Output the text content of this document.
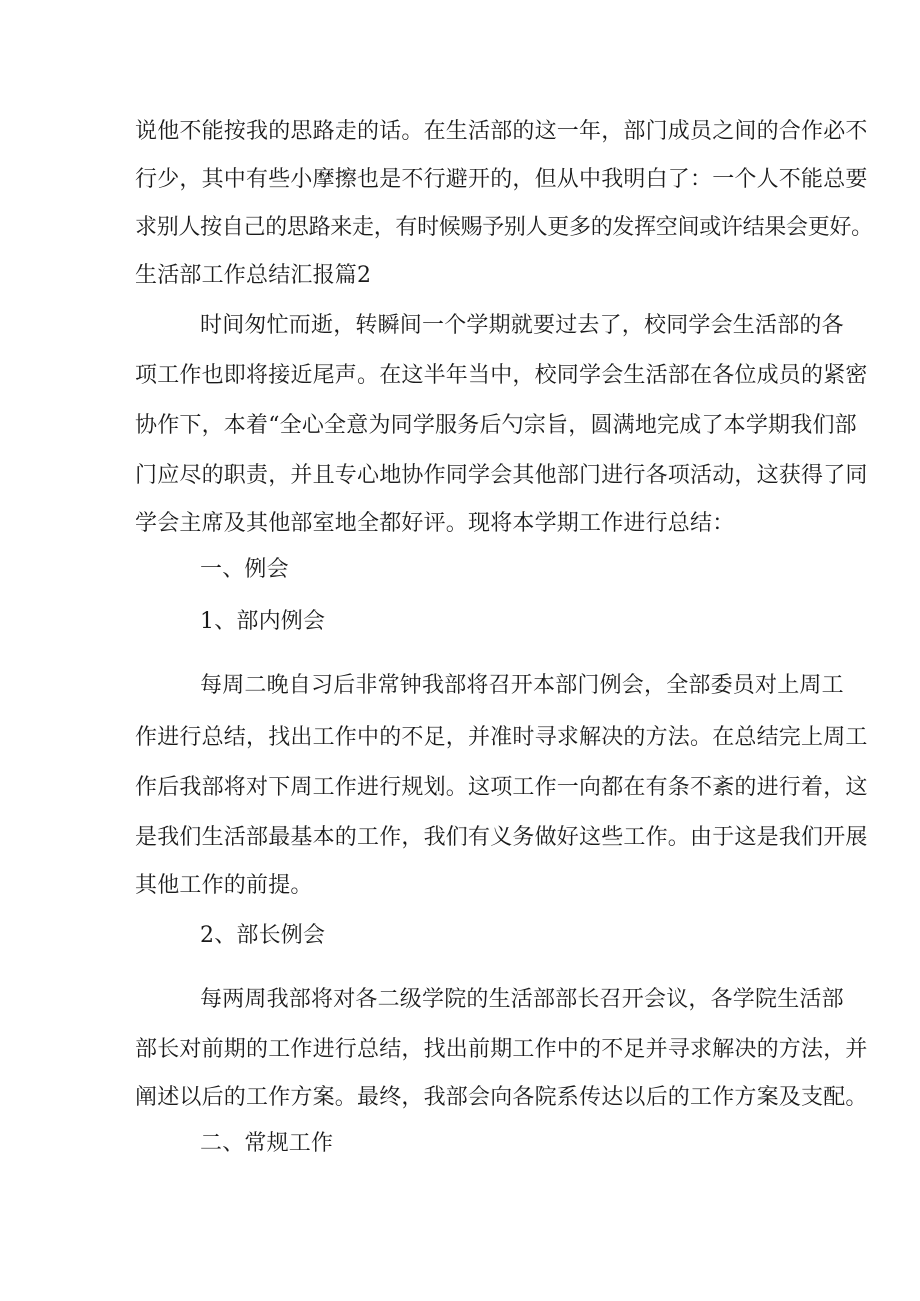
说他不能按我的思路走的话。在生活部的这一年，部门成员之间的合作必不
行少，其中有些小摩擦也是不行避开的，但从中我明白了：一个人不能总要
求别人按自己的思路来走，有时候赐予别人更多的发挥空间或许结果会更好。
生活部工作总结汇报篇2
时间匆忙而逝，转瞬间一个学期就要过去了，校同学会生活部的各
项工作也即将接近尾声。在这半年当中，校同学会生活部在各位成员的紧密
协作下，本着“全心全意为同学服务后勺宗旨，圆满地完成了本学期我们部
门应尽的职责，并且专心地协作同学会其他部门进行各项活动，这获得了同
学会主席及其他部室地全都好评。现将本学期工作进行总结：
一、例会
1、部内例会
每周二晚自习后非常钟我部将召开本部门例会，全部委员对上周工
作进行总结，找出工作中的不足，并准时寻求解决的方法。在总结完上周工
作后我部将对下周工作进行规划。这项工作一向都在有条不紊的进行着，这
是我们生活部最基本的工作，我们有义务做好这些工作。由于这是我们开展
其他工作的前提。
2、部长例会
每两周我部将对各二级学院的生活部部长召开会议，各学院生活部
部长对前期的工作进行总结，找出前期工作中的不足并寻求解决的方法，并
阐述以后的工作方案。最终，我部会向各院系传达以后的工作方案及支配。
二、常规工作
